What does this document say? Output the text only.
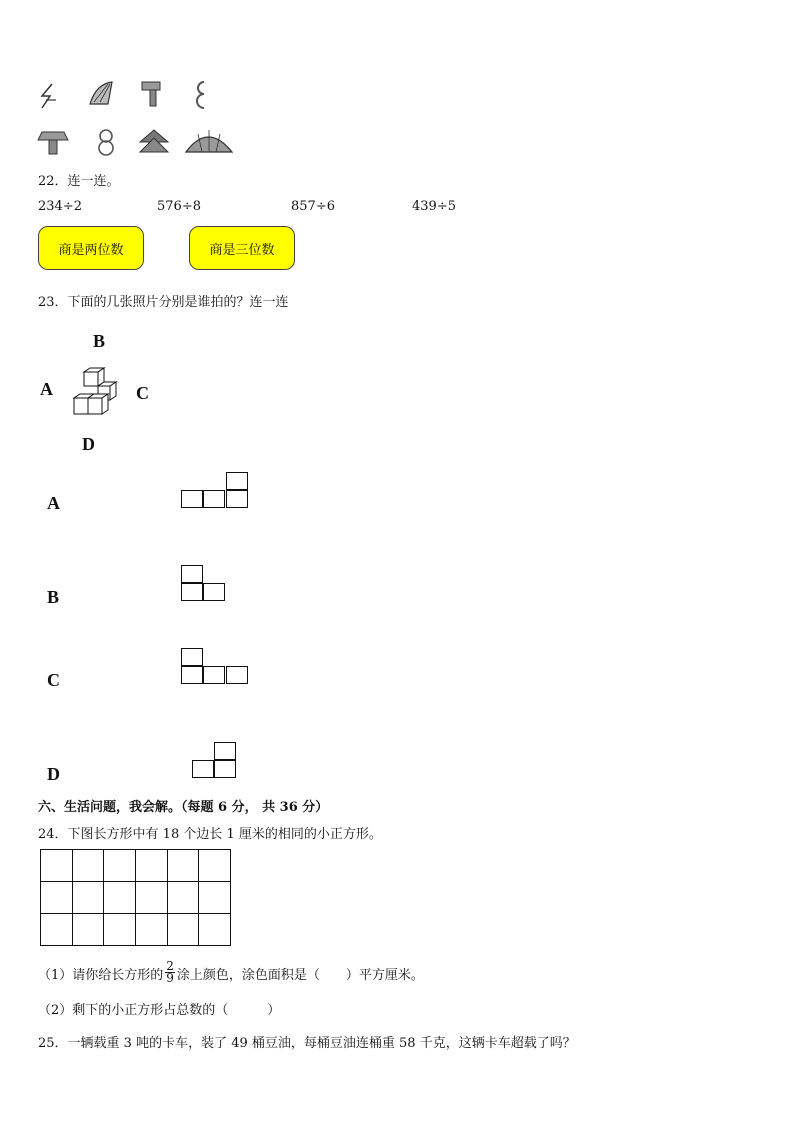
22．连一连。
234÷2	576÷8	857÷6	439÷5
商是两位数	商是三位数
23．下面的几张照片分别是谁拍的？连一连
B
A	C
D
A
B
C
D
六、生活问题，我会解。（每题 6 分， 共 36 分）
24．下图长方形中有 18 个边长 1 厘米的相同的小正方形。
（1）请你给长方形的 $\frac{2}{9}$ 涂上颜色，涂色面积是（　　）平方厘米。
（2）剩下的小正方形占总数的（　　　）
25．一辆载重 3 吨的卡车，装了 49 桶豆油，每桶豆油连桶重 58 千克，这辆卡车超载了吗？
